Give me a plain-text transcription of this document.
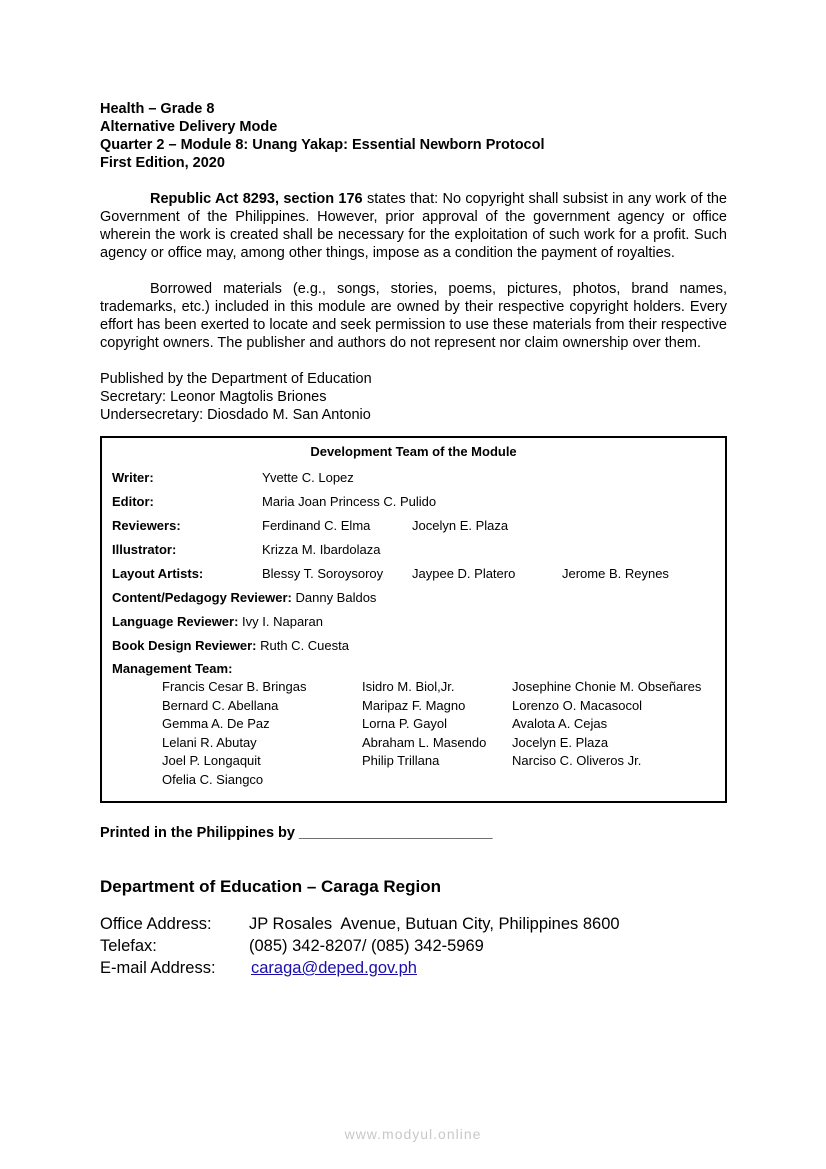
Health – Grade 8
Alternative Delivery Mode
Quarter 2 – Module 8: Unang Yakap: Essential Newborn Protocol
First Edition, 2020
Republic Act 8293, section 176 states that: No copyright shall subsist in any work of the Government of the Philippines. However, prior approval of the government agency or office wherein the work is created shall be necessary for the exploitation of such work for a profit. Such agency or office may, among other things, impose as a condition the payment of royalties.
Borrowed materials (e.g., songs, stories, poems, pictures, photos, brand names, trademarks, etc.) included in this module are owned by their respective copyright holders. Every effort has been exerted to locate and seek permission to use these materials from their respective copyright owners. The publisher and authors do not represent nor claim ownership over them.
Published by the Department of Education
Secretary: Leonor Magtolis Briones
Undersecretary: Diosdado M. San Antonio
Development Team of the Module
Writer:	Yvette C. Lopez
Editor:	Maria Joan Princess C. Pulido
Reviewers:	Ferdinand C. Elma	Jocelyn E. Plaza
Illustrator:	Krizza M. Ibardolaza
Layout Artists:	Blessy T. Soroysoroy	Jaypee D. Platero	Jerome B. Reynes
Content/Pedagogy Reviewer: Danny Baldos
Language Reviewer: Ivy I. Naparan
Book Design Reviewer: Ruth C. Cuesta
Management Team:
Francis Cesar B. Bringas	Isidro M. Biol,Jr.	Josephine Chonie M. Obseñares
Bernard C. Abellana	Maripaz F. Magno	Lorenzo O. Macasocol
Gemma A. De Paz	Lorna P. Gayol	Avalota A. Cejas
Lelani R. Abutay	Abraham L. Masendo	Jocelyn E. Plaza
Joel P. Longaquit	Philip Trillana	Narciso C. Oliveros Jr.
Ofelia C. Siangco
Printed in the Philippines by ________________________
Department of Education – Caraga Region
Office Address:	JP Rosales  Avenue, Butuan City, Philippines 8600
Telefax:	(085) 342-8207/ (085) 342-5969
E-mail Address:	caraga@deped.gov.ph
www.modyul.online
